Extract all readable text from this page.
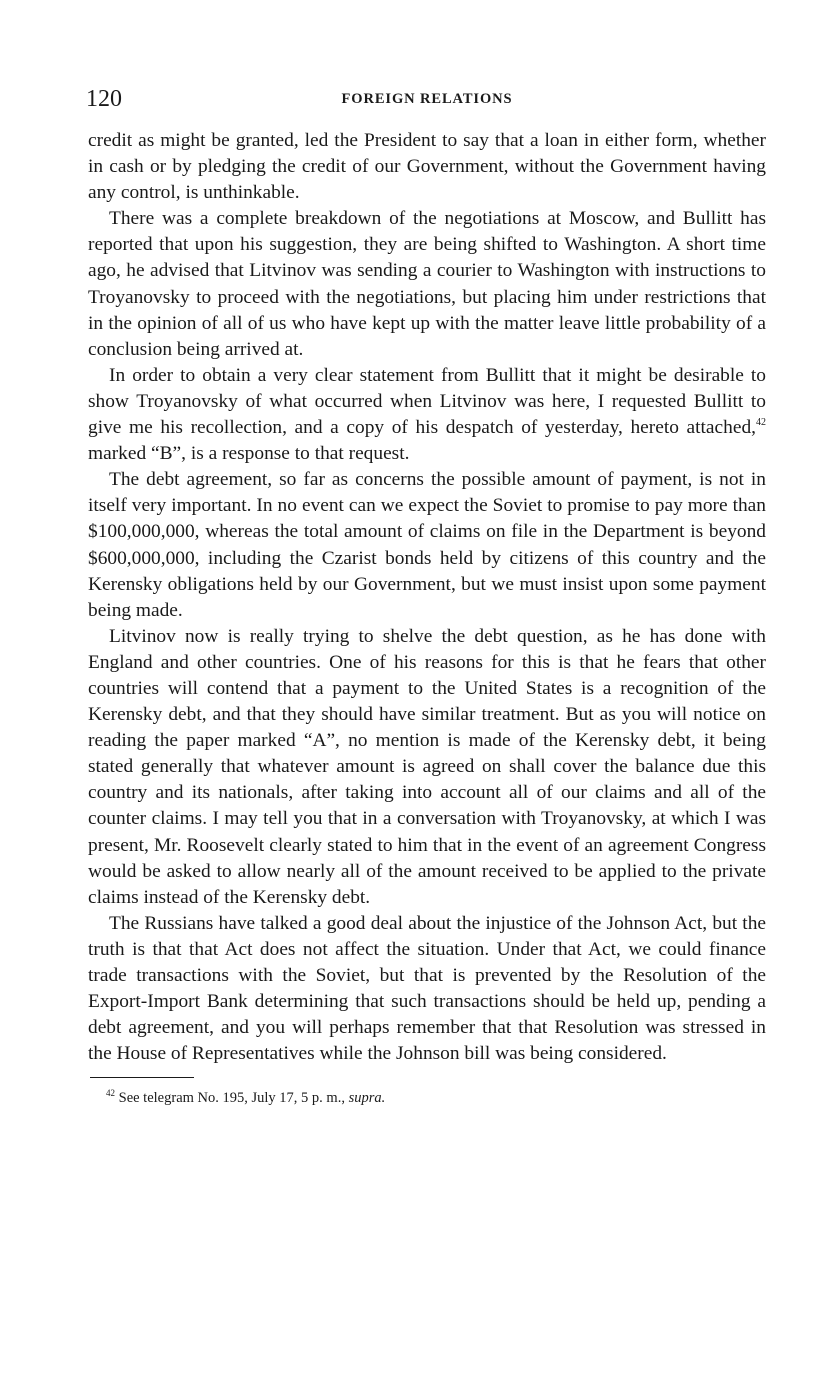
120	FOREIGN RELATIONS

credit as might be granted, led the President to say that a loan in either form, whether in cash or by pledging the credit of our Government, without the Government having any control, is unthinkable.

There was a complete breakdown of the negotiations at Moscow, and Bullitt has reported that upon his suggestion, they are being shifted to Washington. A short time ago, he advised that Litvinov was sending a courier to Washington with instructions to Troyanovsky to proceed with the negotiations, but placing him under restrictions that in the opinion of all of us who have kept up with the matter leave little probability of a conclusion being arrived at.

In order to obtain a very clear statement from Bullitt that it might be desirable to show Troyanovsky of what occurred when Litvinov was here, I requested Bullitt to give me his recollection, and a copy of his despatch of yesterday, hereto attached,$^{42}$ marked “B”, is a response to that request.

The debt agreement, so far as concerns the possible amount of payment, is not in itself very important. In no event can we expect the Soviet to promise to pay more than $100,000,000, whereas the total amount of claims on file in the Department is beyond $600,000,000, including the Czarist bonds held by citizens of this country and the Kerensky obligations held by our Government, but we must insist upon some payment being made.

Litvinov now is really trying to shelve the debt question, as he has done with England and other countries. One of his reasons for this is that he fears that other countries will contend that a payment to the United States is a recognition of the Kerensky debt, and that they should have similar treatment. But as you will notice on reading the paper marked “A”, no mention is made of the Kerensky debt, it being stated generally that whatever amount is agreed on shall cover the balance due this country and its nationals, after taking into account all of our claims and all of the counter claims. I may tell you that in a conversation with Troyanovsky, at which I was present, Mr. Roosevelt clearly stated to him that in the event of an agreement Congress would be asked to allow nearly all of the amount received to be applied to the private claims instead of the Kerensky debt.

The Russians have talked a good deal about the injustice of the Johnson Act, but the truth is that that Act does not affect the situation. Under that Act, we could finance trade transactions with the Soviet, but that is prevented by the Resolution of the Export-Import Bank determining that such transactions should be held up, pending a debt agreement, and you will perhaps remember that that Resolution was stressed in the House of Representatives while the Johnson bill was being considered.

$^{42}$ See telegram No. 195, July 17, 5 p. m., supra.
